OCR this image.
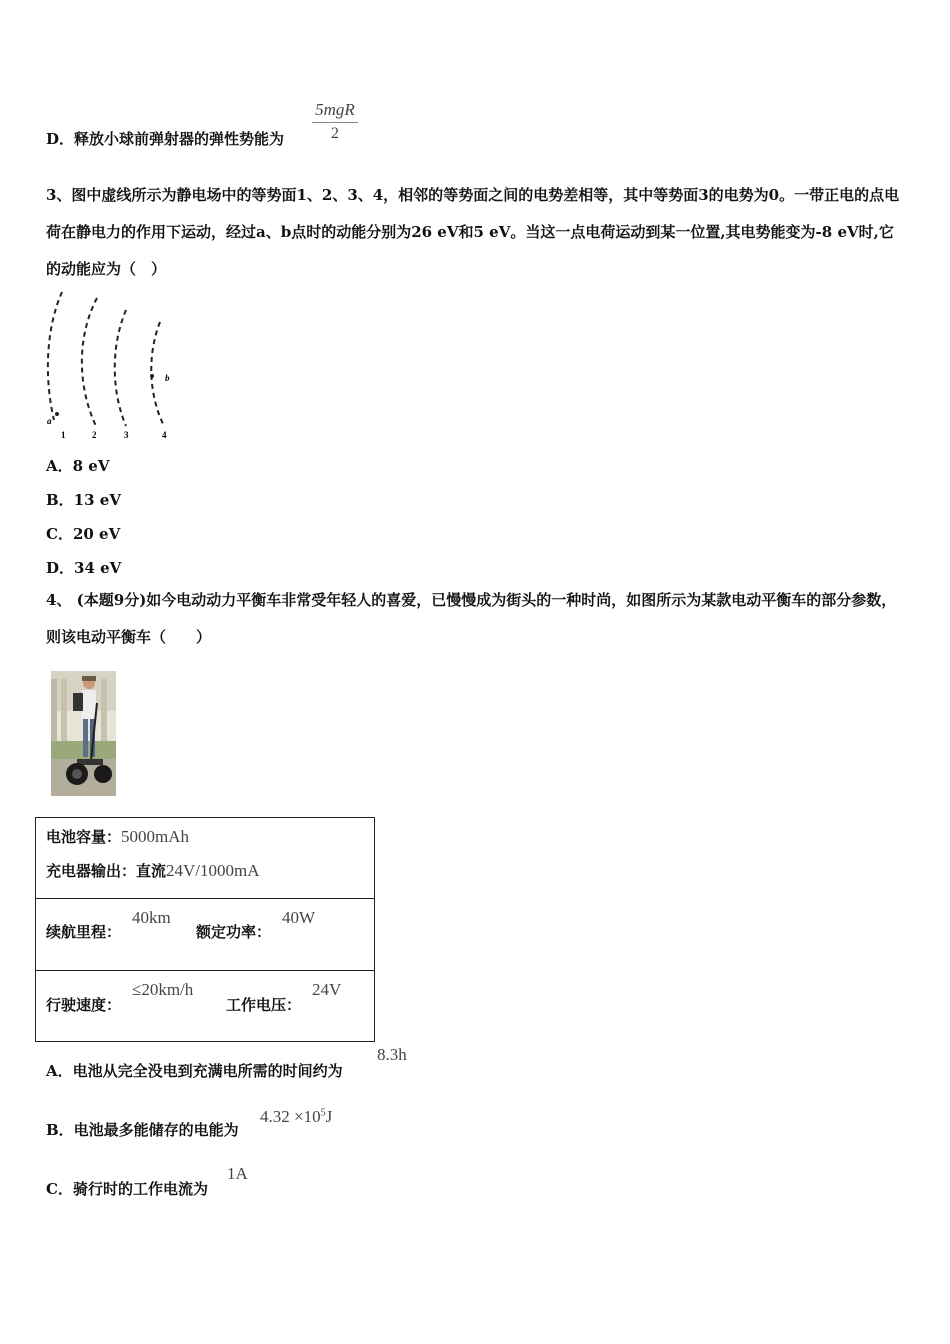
D．释放小球前弹射器的弹性势能为
5mgR
2
3、图中虚线所示为静电场中的等势面1、2、3、4，相邻的等势面之间的电势差相等，其中等势面3的电势为0。一带正电的点电荷在静电力的作用下运动，经过a、b点时的动能分别为26 eV和5 eV。当这一点电荷运动到某一位置,其电势能变为-8 eV时,它的动能应为（　）
a
b
1	2	3	4
A．8 eV
B．13 eV
C．20 eV
D．34 eV
4、 (本题9分)如今电动动力平衡车非常受年轻人的喜爱，已慢慢成为街头的一种时尚，如图所示为某款电动平衡车的部分参数，则该电动平衡车（　　）
电池容量：5000mAh
充电器输出：直流24V/1000mA
续航里程：
40km
额定功率：
40W
行驶速度：
≤20km/h
工作电压：
24V
A．电池从完全没电到充满电所需的时间约为
8.3h
B．电池最多能储存的电能为
$4.32 \times 10^5J$
C．骑行时的工作电流为
1A
